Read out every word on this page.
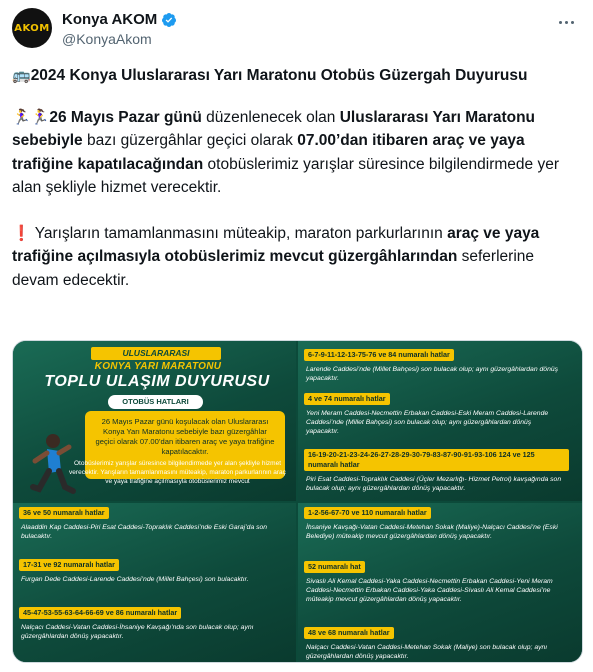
AKOM Konya AKOM
@KonyaAkom
🚌2024 Konya Uluslararası Yarı Maratonu Otobüs Güzergah Duyurusu
🏃‍♀️🏃‍♀️26 Mayıs Pazar günü düzenlenecek olan Uluslararası Yarı Maratonu sebebiyle bazı güzergâhlar geçici olarak 07.00’dan itibaren araç ve yaya trafiğine kapatılacağından otobüslerimiz yarışlar süresince bilgilendirmede yer alan şekliyle hizmet verecektir.
❗ Yarışların tamamlanmasını müteakip, maraton parkurlarının araç ve yaya trafiğine açılmasıyla otobüslerimiz mevcut güzergâhlarından seferlerine devam edecektir.
ULUSLARARASI
KONYA YARI MARATONU
TOPLU ULAŞIM DUYURUSU
OTOBÜS HATLARI
26 Mayıs Pazar günü koşulacak olan Uluslararası Konya Yarı Maratonu sebebiyle bazı güzergâhlar geçici olarak 07.00’dan itibaren araç ve yaya trafiğine kapatılacaktır.
Otobüslerimiz yarışlar süresince bilgilendirmede yer alan şekliyle hizmet verecektir. Yarışların tamamlanmasını müteakip, maraton parkurlarının araç ve yaya trafiğine açılmasıyla otobüslerimiz mevcut
6-7-9-11-12-13-75-76 ve 84 numaralı hatlar
Larende Caddesi’nde (Millet Bahçesi) son bulacak olup; aynı güzergâhlardan dönüş yapacaktır.
4 ve 74 numaralı hatlar
Yeni Meram Caddesi-Necmettin Erbakan Caddesi-Eski Meram Caddesi-Larende Caddesi’nde (Millet Bahçesi) son bulacak olup; aynı güzergâhlardan dönüş yapacaktır.
16-19-20-21-23-24-26-27-28-29-30-79-83-87-90-91-93-106 124 ve 125 numaralı hatlar
Piri Esat Caddesi-Topraklık Caddesi (Üçler Mezarlığı- Hizmet Petrol) kavşağında son bulacak olup; aynı güzergâhlardan dönüş yapacaktır.
36 ve 50 numaralı hatlar
Alaaddin Kap Caddesi-Piri Esat Caddesi-Topraklık Caddesi’nde Eski Garaj’da son bulacaktır.
17-31 ve 92 numaralı hatlar
Furgan Dede Caddesi-Larende Caddesi’nde (Millet Bahçesi) son bulacaktır.
45-47-53-55-63-64-66-69 ve 86 numaralı hatlar
Nalçacı Caddesi-Vatan Caddesi-İhsaniye Kavşağı’nda son bulacak olup; aynı güzergâhlardan dönüş yapacaktır.
1-2-56-67-70 ve 110 numaralı hatlar
İhsaniye Kavşağı-Vatan Caddesi-Metehan Sokak (Maliye)-Nalçacı Caddesi’ne (Eski Belediye) müteakip mevcut güzergâhlardan dönüş yapacaktır.
52 numaralı hat
Sivaslı Ali Kemal Caddesi-Yaka Caddesi-Necmettin Erbakan Caddesi-Yeni Meram Caddesi-Necmettin Erbakan Caddesi-Yaka Caddesi-Sivaslı Ali Kemal Caddesi’ne müteakip mevcut güzergâhlardan dönüş yapacaktır.
48 ve 68 numaralı hatlar
Nalçacı Caddesi-Vatan Caddesi-Metehan Sokak (Maliye) son bulacak olup; aynı güzergâhlardan dönüş yapacaktır.
